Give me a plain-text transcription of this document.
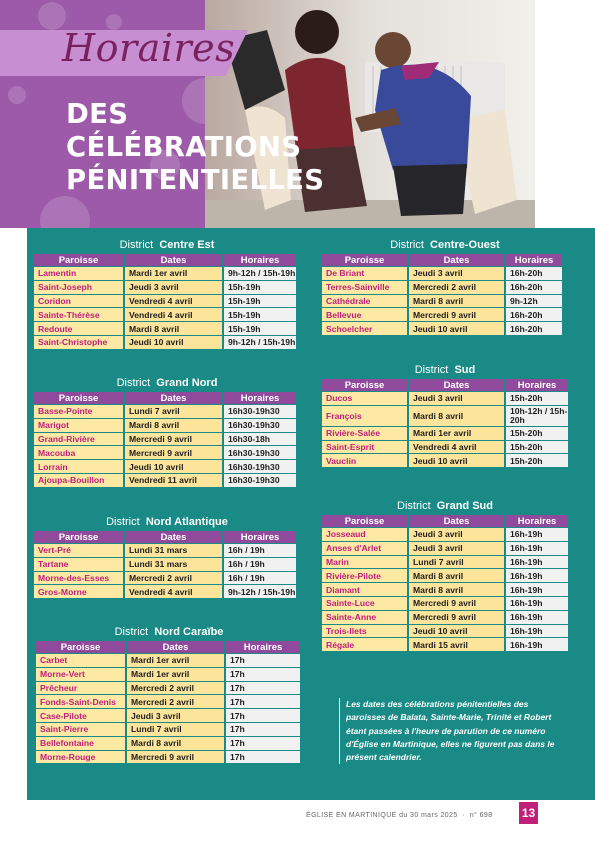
Horaires
DES
CÉLÉBRATIONS
PÉNITENTIELLES
District Centre Est
Paroisse	Dates	Horaires
Lamentin	Mardi 1er avril	9h-12h / 15h-19h
Saint-Joseph	Jeudi 3 avril	15h-19h
Coridon	Vendredi 4 avril	15h-19h
Sainte-Thérèse	Vendredi 4 avril	15h-19h
Redoute	Mardi 8 avril	15h-19h
Saint-Christophe	Jeudi 10 avril	9h-12h / 15h-19h
District Grand Nord
Paroisse	Dates	Horaires
Basse-Pointe	Lundi 7 avril	16h30-19h30
Marigot	Mardi 8 avril	16h30-19h30
Grand-Rivière	Mercredi 9 avril	16h30-18h
Macouba	Mercredi 9 avril	16h30-19h30
Lorrain	Jeudi 10 avril	16h30-19h30
Ajoupa-Bouillon	Vendredi 11 avril	16h30-19h30
District Nord Atlantique
Paroisse	Dates	Horaires
Vert-Pré	Lundi 31 mars	16h / 19h
Tartane	Lundi 31 mars	16h / 19h
Morne-des-Esses	Mercredi 2 avril	16h / 19h
Gros-Morne	Vendredi 4 avril	9h-12h / 15h-19h
District Nord Caraïbe
Paroisse	Dates	Horaires
Carbet	Mardi 1er avril	17h
Morne-Vert	Mardi 1er avril	17h
Prêcheur	Mercredi 2 avril	17h
Fonds-Saint-Denis	Mercredi 2 avril	17h
Case-Pilote	Jeudi 3 avril	17h
Saint-Pierre	Lundi 7 avril	17h
Bellefontaine	Mardi 8 avril	17h
Morne-Rouge	Mercredi 9 avril	17h
District Centre-Ouest
Paroisse	Dates	Horaires
De Briant	Jeudi 3 avril	16h-20h
Terres-Sainville	Mercredi 2 avril	16h-20h
Cathédrale	Mardi 8 avril	9h-12h
Bellevue	Mercredi 9 avril	16h-20h
Schoelcher	Jeudi 10 avril	16h-20h
District Sud
Paroisse	Dates	Horaires
Ducos	Jeudi 3 avril	15h-20h
François	Mardi 8 avril	10h-12h / 15h-20h
Rivière-Salée	Mardi 1er avril	15h-20h
Saint-Esprit	Vendredi 4 avril	15h-20h
Vauclin	Jeudi 10 avril	15h-20h
District Grand Sud
Paroisse	Dates	Horaires
Josseaud	Jeudi 3 avril	16h-19h
Anses d'Arlet	Jeudi 3 avril	16h-19h
Marin	Lundi 7 avril	16h-19h
Rivière-Pilote	Mardi 8 avril	16h-19h
Diamant	Mardi 8 avril	16h-19h
Sainte-Luce	Mercredi 9 avril	16h-19h
Sainte-Anne	Mercredi 9 avril	16h-19h
Trois-Ilets	Jeudi 10 avril	16h-19h
Régale	Mardi 15 avril	16h-19h
Les dates des célébrations pénitentielles des paroisses de Balata, Sainte-Marie, Trinité et Robert étant passées à l'heure de parution de ce numéro d'Église en Martinique, elles ne figurent pas dans le présent calendrier.
ÉGLISE EN MARTINIQUE du 30 mars 2025  ·  n° 698 13
